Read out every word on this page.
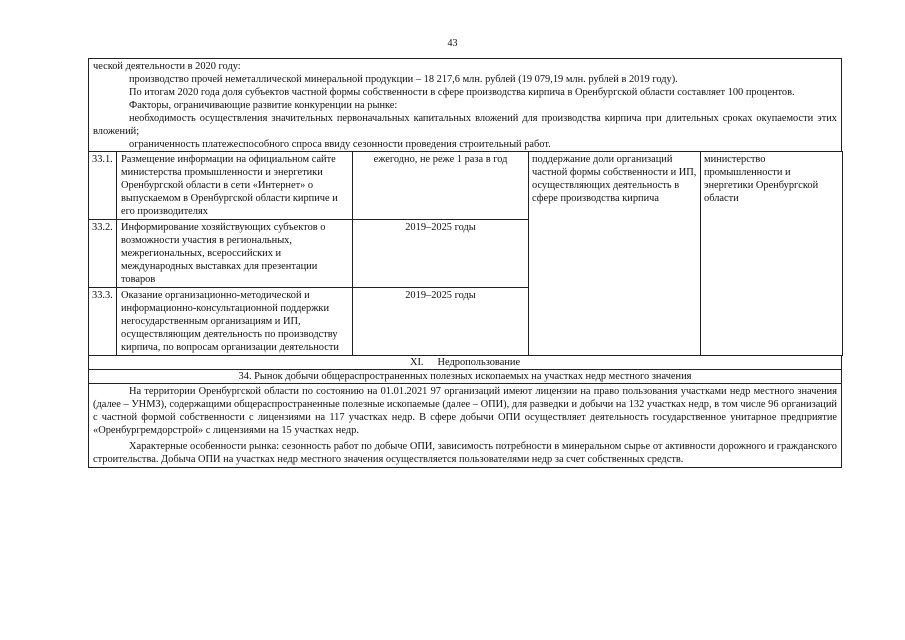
43

ческой деятельности в 2020 году:

производство прочей неметаллической минеральной продукции – 18 217,6 млн. рублей (19 079,19 млн. рублей в 2019 году).

По итогам 2020 года доля субъектов частной формы собственности в сфере производства кирпича в Оренбургской области составляет 100 процентов.

Факторы, ограничивающие развитие конкуренции на рынке:

необходимость осуществления значительных первоначальных капитальных вложений для производства кирпича при длительных сроках окупаемости этих вложений;

ограниченность платежеспособного спроса ввиду сезонности проведения строительный работ.

33.1.	Размещение информации на официальном сайте министерства промышленности и энергетики Оренбургской области в сети «Интернет» о выпускаемом в Оренбургской области кирпиче и его производителях	ежегодно, не реже 1 раза в год	поддержание доли организаций частной формы собственности и ИП, осуществляющих деятельность в сфере производства кирпича	министерство промышленности и энергетики Оренбургской области
33.2.	Информирование хозяйствующих субъектов о возможности участия в региональных, межрегиональных, всероссийских и международных выставках для презентации товаров	2019–2025 годы		
33.3.	Оказание организационно-методической и информационно-консультационной поддержки негосударственным организациям и ИП, осуществляющим деятельность по производству кирпича, по вопросам организации деятельности	2019–2025 годы		
XI. Недропользование
34. Рынок добычи общераспространенных полезных ископаемых на участках недр местного значения

На территории Оренбургской области по состоянию на 01.01.2021 97 организаций имеют лицензии на право пользования участками недр местного значения (далее – УНМЗ), содержащими общераспространенные полезные ископаемые (далее – ОПИ), для разведки и добычи на 132 участках недр, в том числе 96 организаций с частной формой собственности с лицензиями на 117 участках недр. В сфере добычи ОПИ осуществляет деятельность государственное унитарное предприятие «Оренбургремдорстрой» с лицензиями на 15 участках недр.

Характерные особенности рынка: сезонность работ по добыче ОПИ, зависимость потребности в минеральном сырье от активности дорожного и гражданского строительства. Добыча ОПИ на участках недр местного значения осуществляется пользователями недр за счет собственных средств.
